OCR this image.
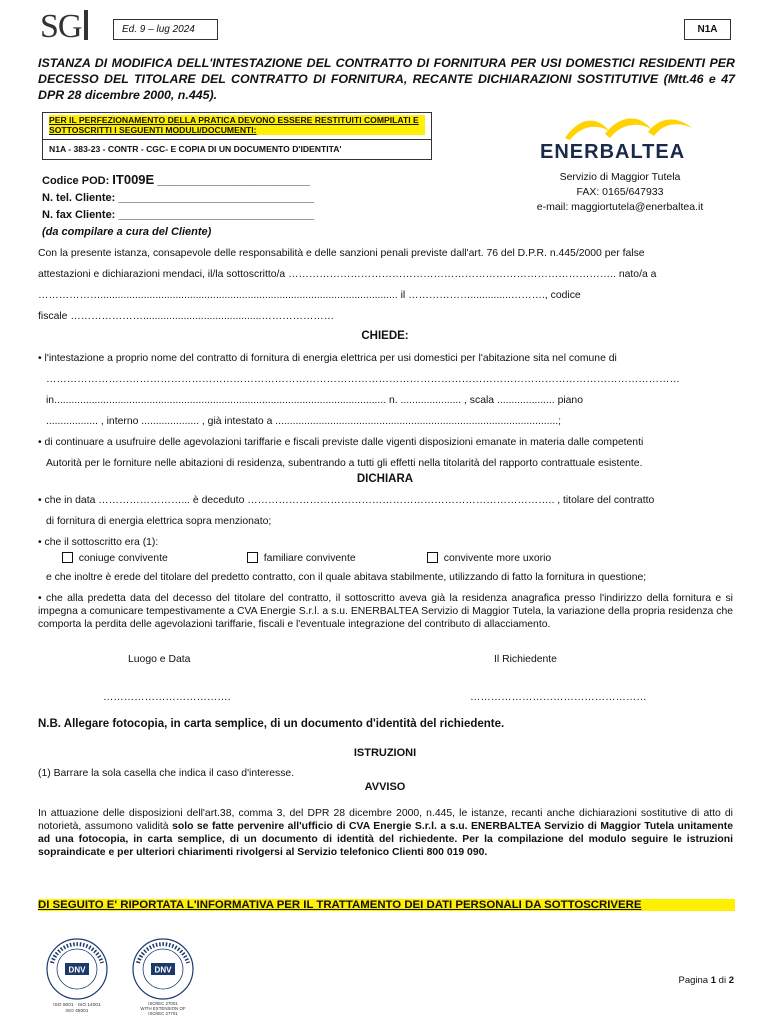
SG	Ed. 9 – lug 2024	N1A
ISTANZA DI MODIFICA DELL'INTESTAZIONE DEL CONTRATTO DI FORNITURA PER USI DOMESTICI RESIDENTI PER DECESSO DEL TITOLARE DEL CONTRATTO DI FORNITURA, RECANTE DICHIARAZIONI SOSTITUTIVE (Mtt.46 e 47 DPR 28 dicembre 2000, n.445).
PER IL PERFEZIONAMENTO DELLA PRATICA DEVONO ESSERE RESTITUITI COMPILATI E SOTTOSCRITTI I SEGUENTI MODULI/DOCUMENTI:
N1A - 383-23 - CONTR - CGC- E COPIA DI UN DOCUMENTO D'IDENTITA'
Codice POD: IT009E _________________________
N. tel. Cliente: ________________________________
N. fax Cliente: ________________________________
(da compilare a cura del Cliente)
ENERBALTEA
Servizio di Maggior Tutela
FAX: 0165/647933
e-mail: maggiortutela@enerbaltea.it
Con la presente istanza, consapevole delle responsabilità e delle sanzioni penali previste dall'art. 76 del D.P.R. n.445/2000 per false
attestazioni e dichiarazioni mendaci, il/la sottoscritto/a ………………………………………………………………………………….. nato/a a
………………....................................................................................................... il ………………..............………., codice
fiscale ………………….........................................…………………
CHIEDE:
• l'intestazione a proprio nome del contratto di fornitura di energia elettrica per usi domestici per l'abitazione sita nel comune di
…………………………………………………………………………………………………………………………………………………………………
in................................................................................................................... n. ..................... , scala .................... piano
.................. , interno .................... , già intestato a ..................................................................................................;
• di continuare a usufruire delle agevolazioni tariffarie e fiscali previste dalle vigenti disposizioni emanate in materia dalle competenti
Autorità per le forniture nelle abitazioni di residenza, subentrando a tutti gli effetti nella titolarità del rapporto contrattuale esistente.
DICHIARA
• che in data ……………………... è deceduto …………………………………………………………………………….. , titolare del contratto
di fornitura di energia elettrica sopra menzionato;
• che il sottoscritto era (1):
coniuge convivente	familiare convivente	convivente more uxorio
e che inoltre è erede del titolare del predetto contratto, con il quale abitava stabilmente, utilizzando di fatto la fornitura in questione;
• che alla predetta data del decesso del titolare del contratto, il sottoscritto aveva già la residenza anagrafica presso l'indirizzo della fornitura e si impegna a comunicare tempestivamente a CVA Energie S.r.l. a s.u. ENERBALTEA Servizio di Maggior Tutela, la variazione della propria residenza che comporta la perdita delle agevolazioni tariffarie, fiscali e l'eventuale integrazione del contributo di allacciamento.
Luogo e Data	Il Richiedente
……………………………….	……………………………………………
N.B. Allegare fotocopia, in carta semplice, di un documento d'identità del richiedente.
ISTRUZIONI
(1) Barrare la sola casella che indica il caso d'interesse.
AVVISO
In attuazione delle disposizioni dell'art.38, comma 3, del DPR 28 dicembre 2000, n.445, le istanze, recanti anche dichiarazioni sostitutive di atto di notorietà, assumono validità solo se fatte pervenire all'ufficio di CVA Energie S.r.l. a s.u. ENERBALTEA Servizio di Maggior Tutela unitamente ad una fotocopia, in carta semplice, di un documento di identità del richiedente. Per la compilazione del modulo seguire le istruzioni sopraindicate e per ulteriori chiarimenti rivolgersi al Servizio telefonico Clienti 800 019 090.
DI SEGUITO E' RIPORTATA L'INFORMATIVA PER IL TRATTAMENTO DEI DATI PERSONALI DA SOTTOSCRIVERE
DNV
ISO 9001 · ISO 14001
ISO 45001
DNV
ISO/IEC 27001
WITH EXTENSION OF
ISO/IEC 27701
Pagina 1 di 2
